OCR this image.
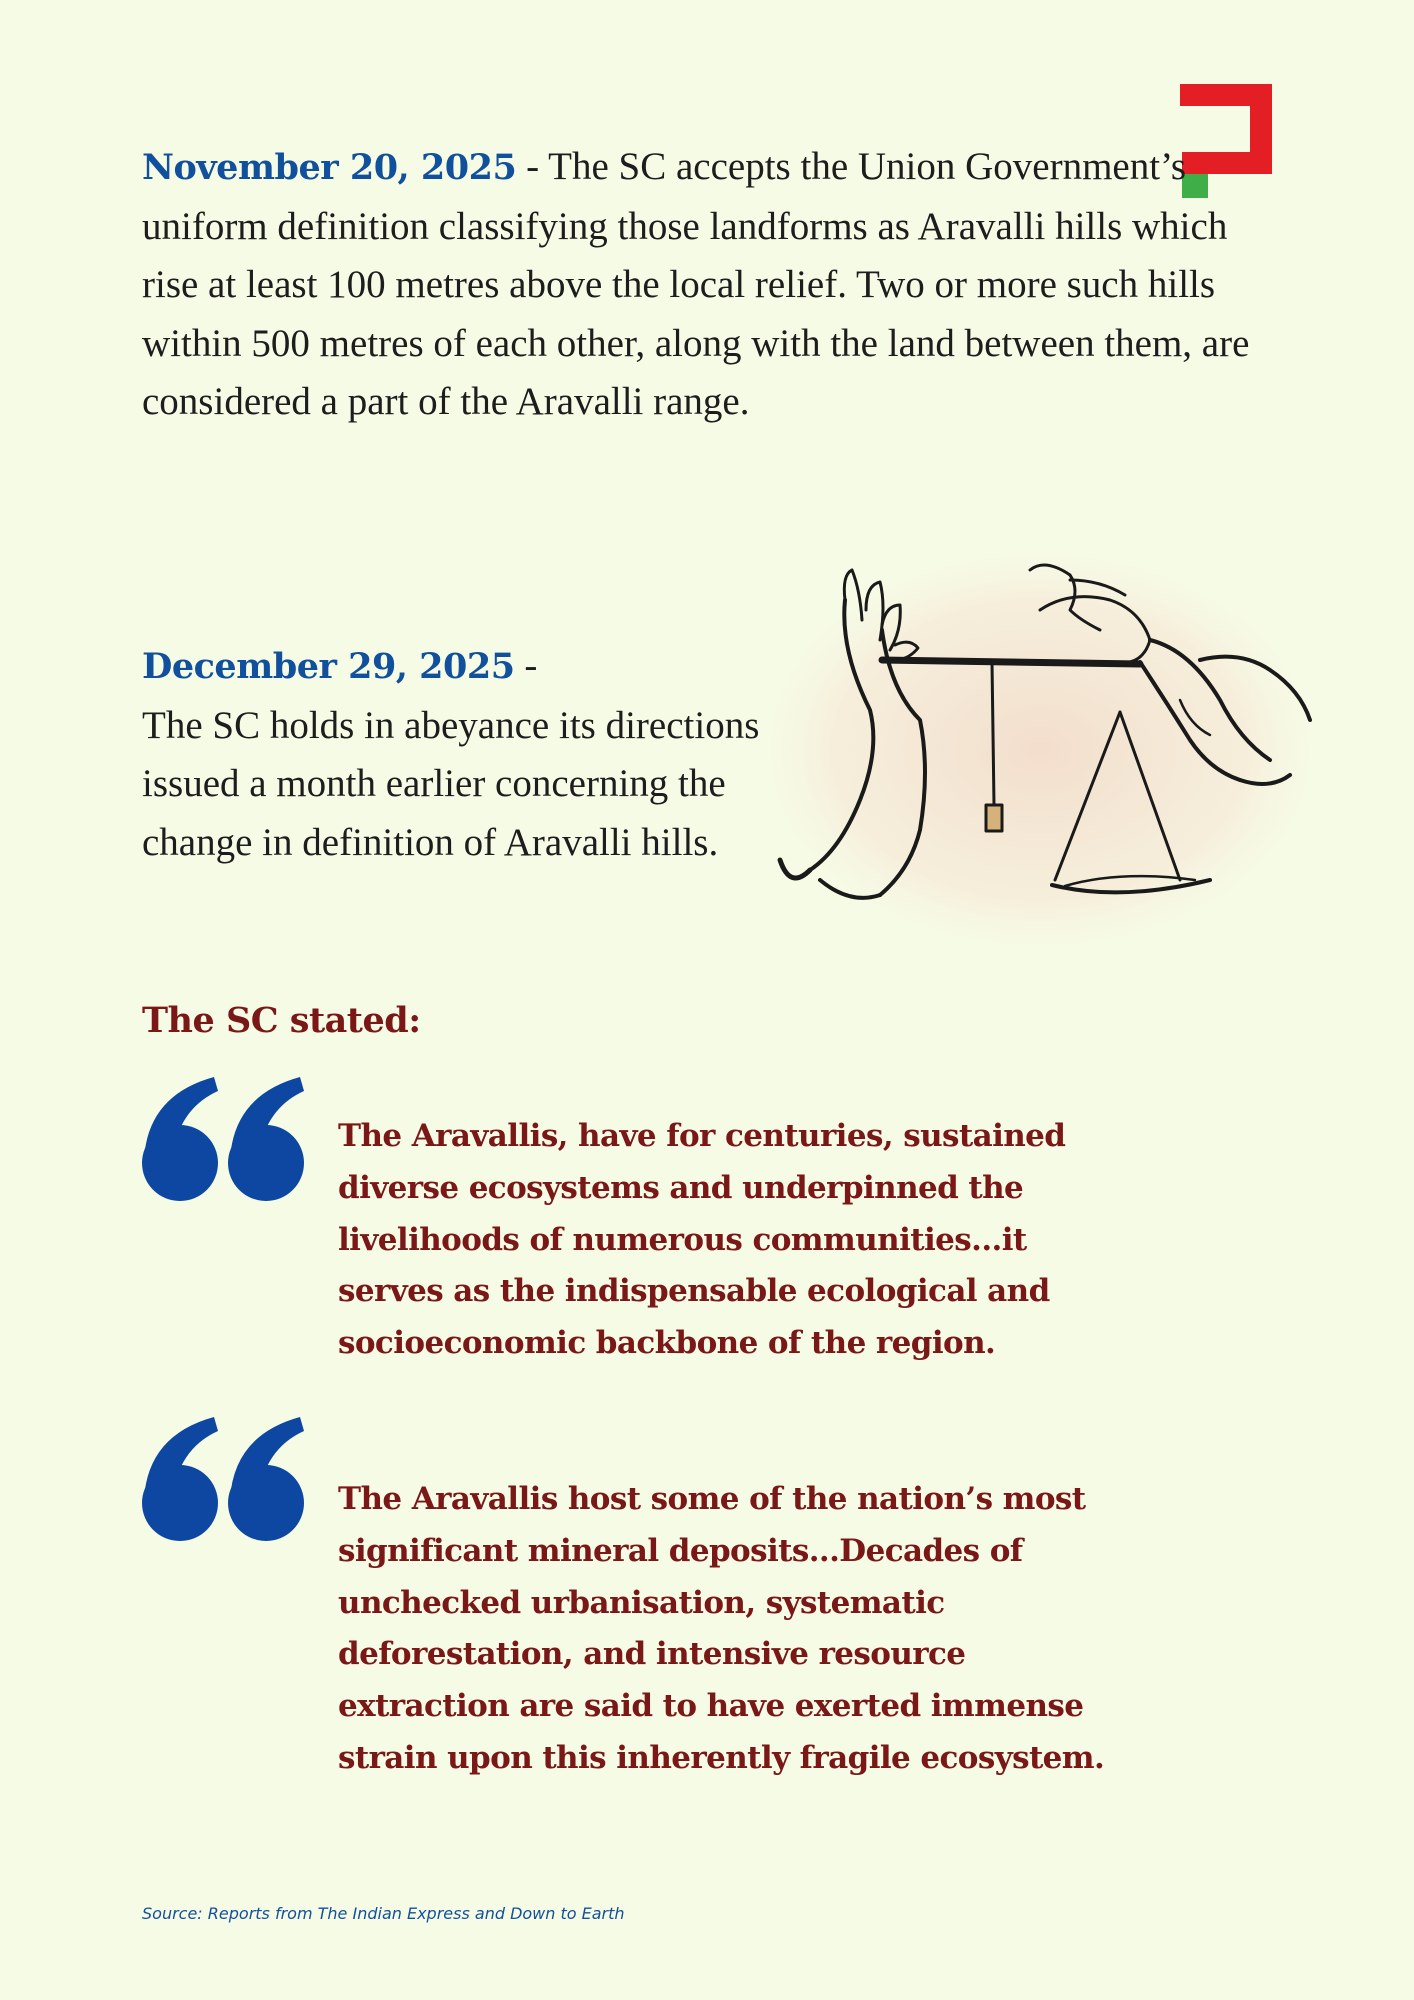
November 20, 2025 - The SC accepts the Union Government’s uniform definition classifying those landforms as Aravalli hills which rise at least 100 metres above the local relief. Two or more such hills within 500 metres of each other, along with the land between them, are considered a part of the Aravalli range.

December 29, 2025 -
The SC holds in abeyance its directions issued a month earlier concerning the change in definition of Aravalli hills.

The SC stated:

The Aravallis, have for centuries, sustained diverse ecosystems and underpinned the livelihoods of numerous communities...it serves as the indispensable ecological and socioeconomic backbone of the region.

The Aravallis host some of the nation’s most significant mineral deposits...Decades of unchecked urbanisation, systematic deforestation, and intensive resource extraction are said to have exerted immense strain upon this inherently fragile ecosystem.

Source: Reports from The Indian Express and Down to Earth
